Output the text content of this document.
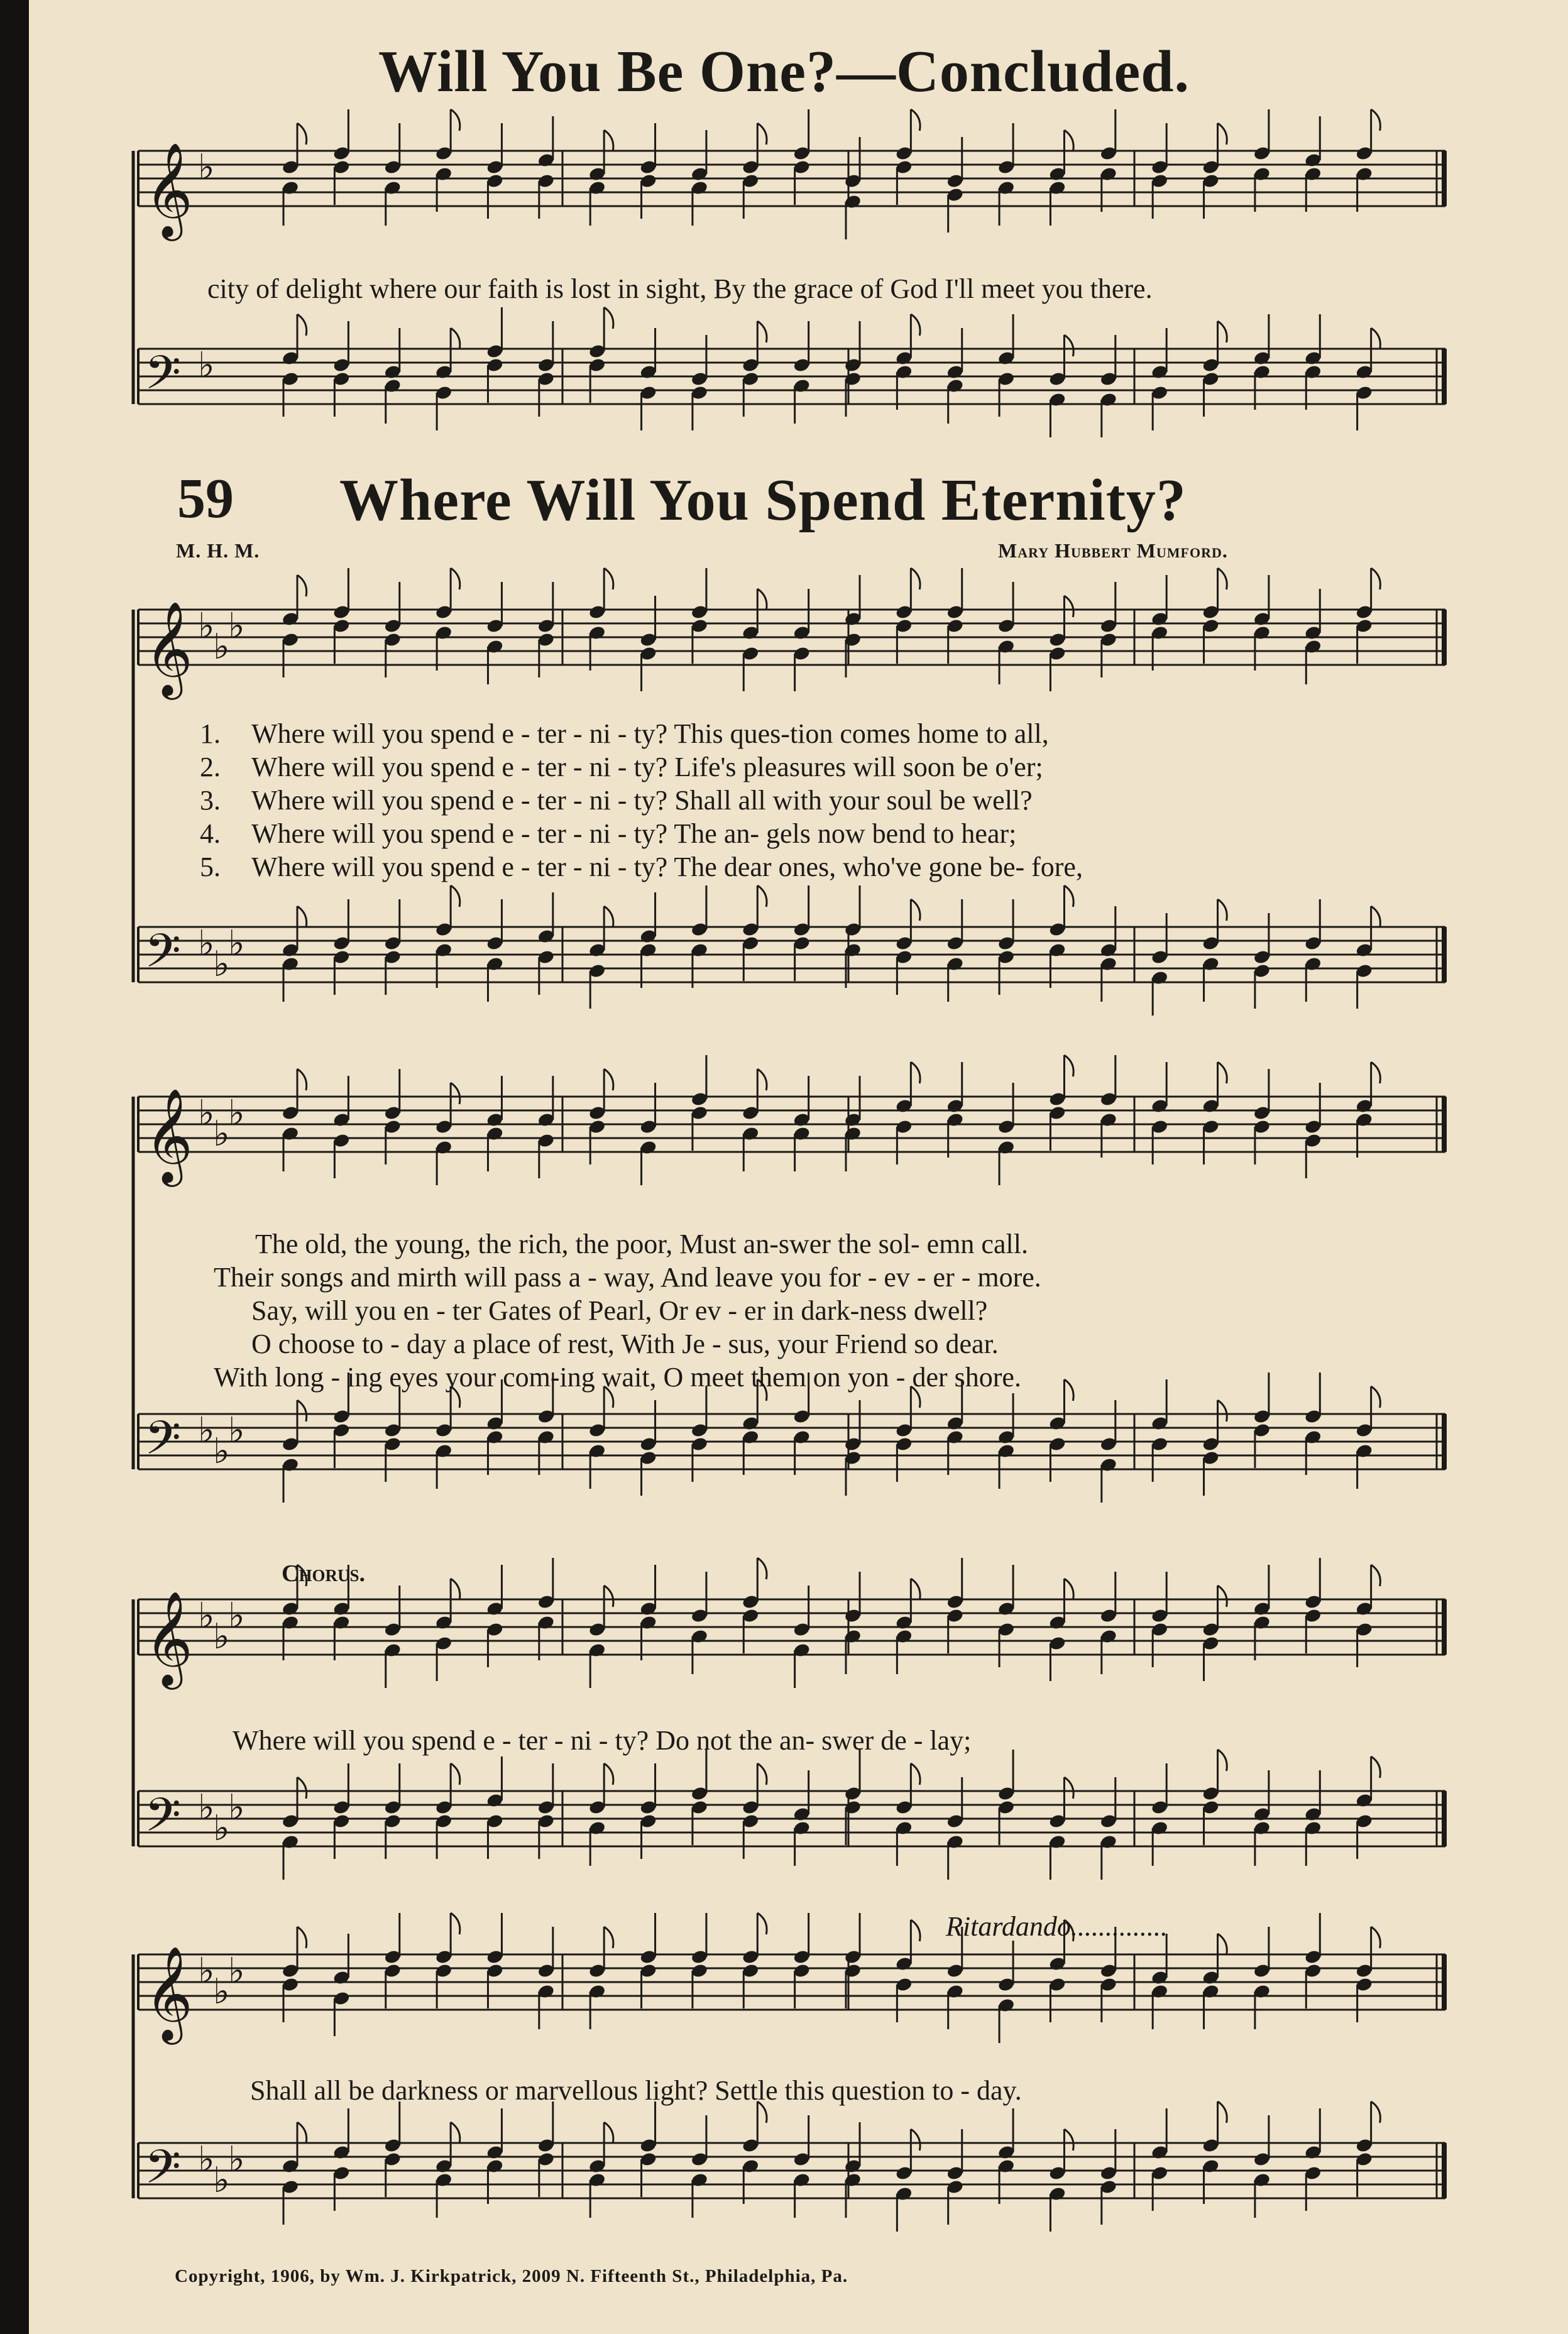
𝄞 ♭
𝄢 ♭
𝄞 ♭
♭
♭
𝄢 ♭
♭
♭
𝄞 ♭
♭
♭
𝄢 ♭
♭
♭
𝄞 ♭
♭
♭
𝄢 ♭
♭
♭
𝄞 ♭
♭
♭
𝄢 ♭
♭
♭
Will You Be One?—Concluded.
city of delight where our faith is lost in sight, By the grace of God I'll meet you there.
59 Where Will You Spend Eternity?
M. H. M.	Mary Hubbert Mumford.
1. Where will you spend e - ter - ni - ty? This ques-tion comes home to all,
2. Where will you spend e - ter - ni - ty? Life's pleasures will soon be o'er;
3. Where will you spend e - ter - ni - ty? Shall all with your soul be well?
4. Where will you spend e - ter - ni - ty? The an- gels now bend to hear;
5. Where will you spend e - ter - ni - ty? The dear ones, who've gone be- fore,
The old, the young, the rich, the poor, Must an-swer the sol- emn call.
Their songs and mirth will pass a - way, And leave you for - ev - er - more.
Say, will you en - ter Gates of Pearl, Or ev - er in dark-ness dwell?
O choose to - day a place of rest, With Je - sus, your Friend so dear.
With long - ing eyes your com-ing wait, O meet them on yon - der shore.
Chorus.
Where will you spend e - ter - ni - ty? Do not the an- swer de - lay;
Ritardando..............
Shall all be darkness or marvellous light? Settle this question to - day.
Copyright, 1906, by Wm. J. Kirkpatrick, 2009 N. Fifteenth St., Philadelphia, Pa.
